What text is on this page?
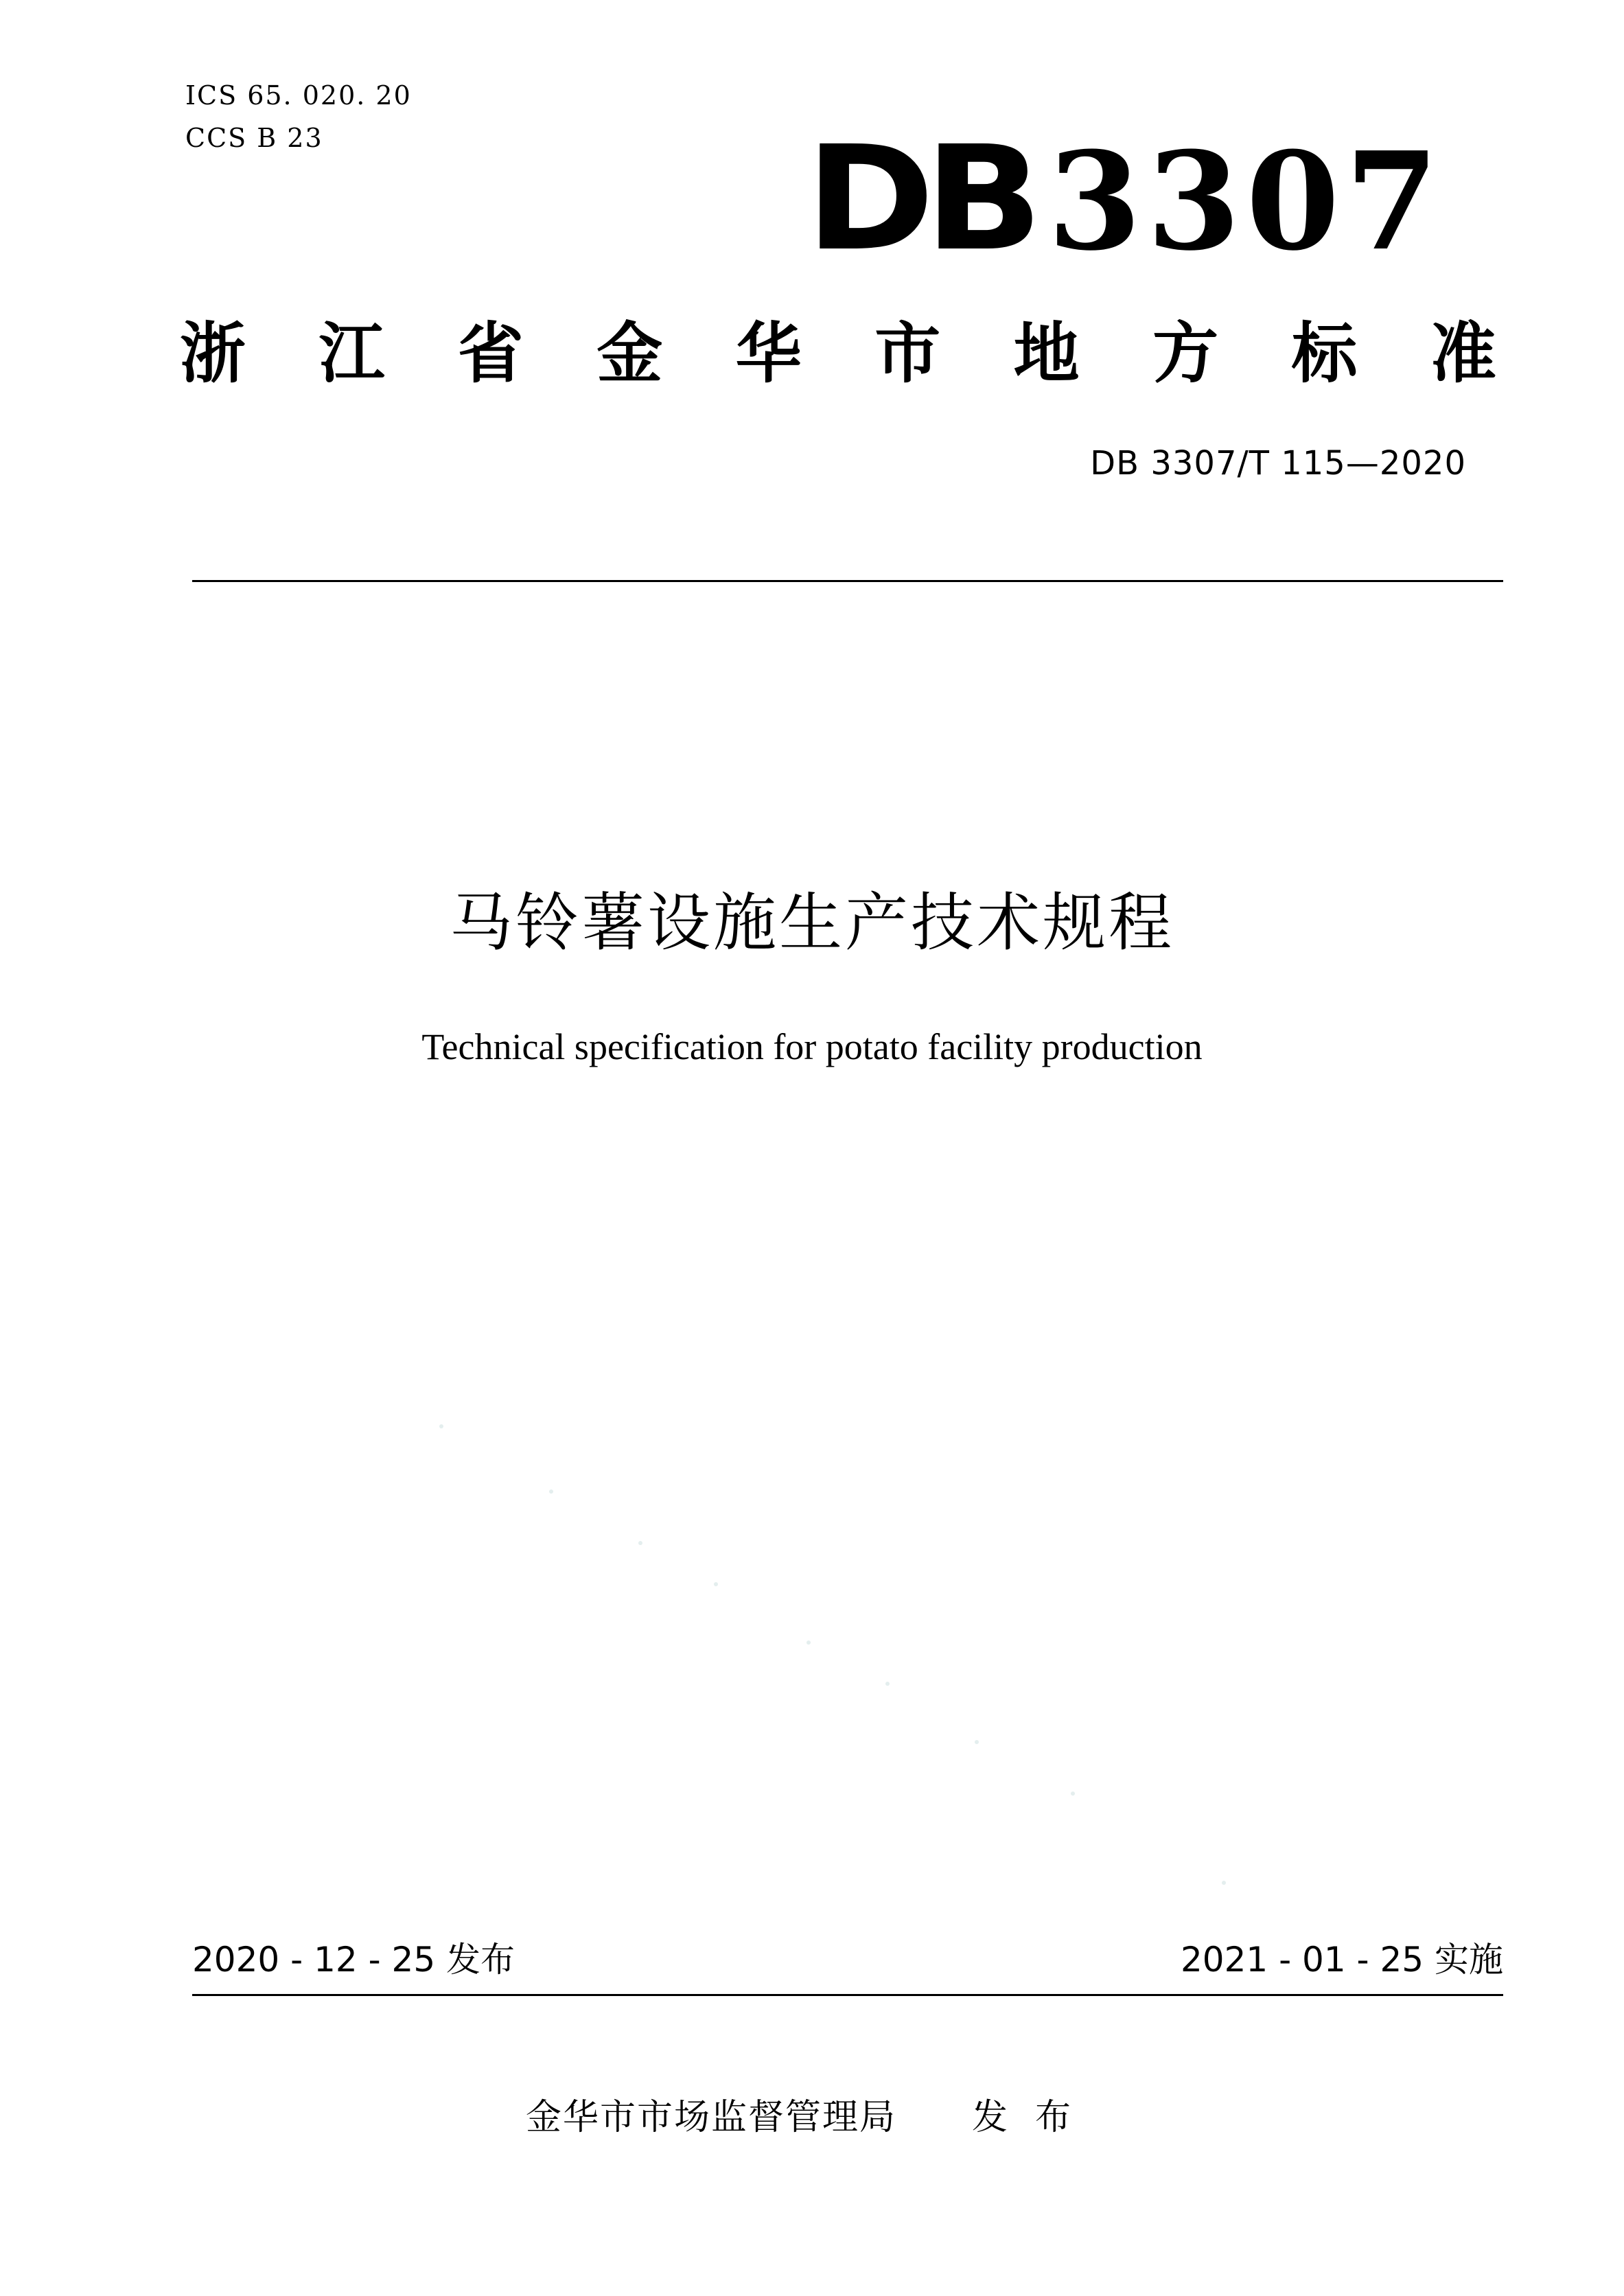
ICS 65. 020. 20
CCS B 23	DB 3307
浙 江 省 金 华 市 地 方 标 准
DB 3307/T 115—2020
马铃薯设施生产技术规程
Technical specification for potato facility production
2020 - 12 - 25 发布	2021 - 01 - 25 实施
金华市市场监督管理局 发布
